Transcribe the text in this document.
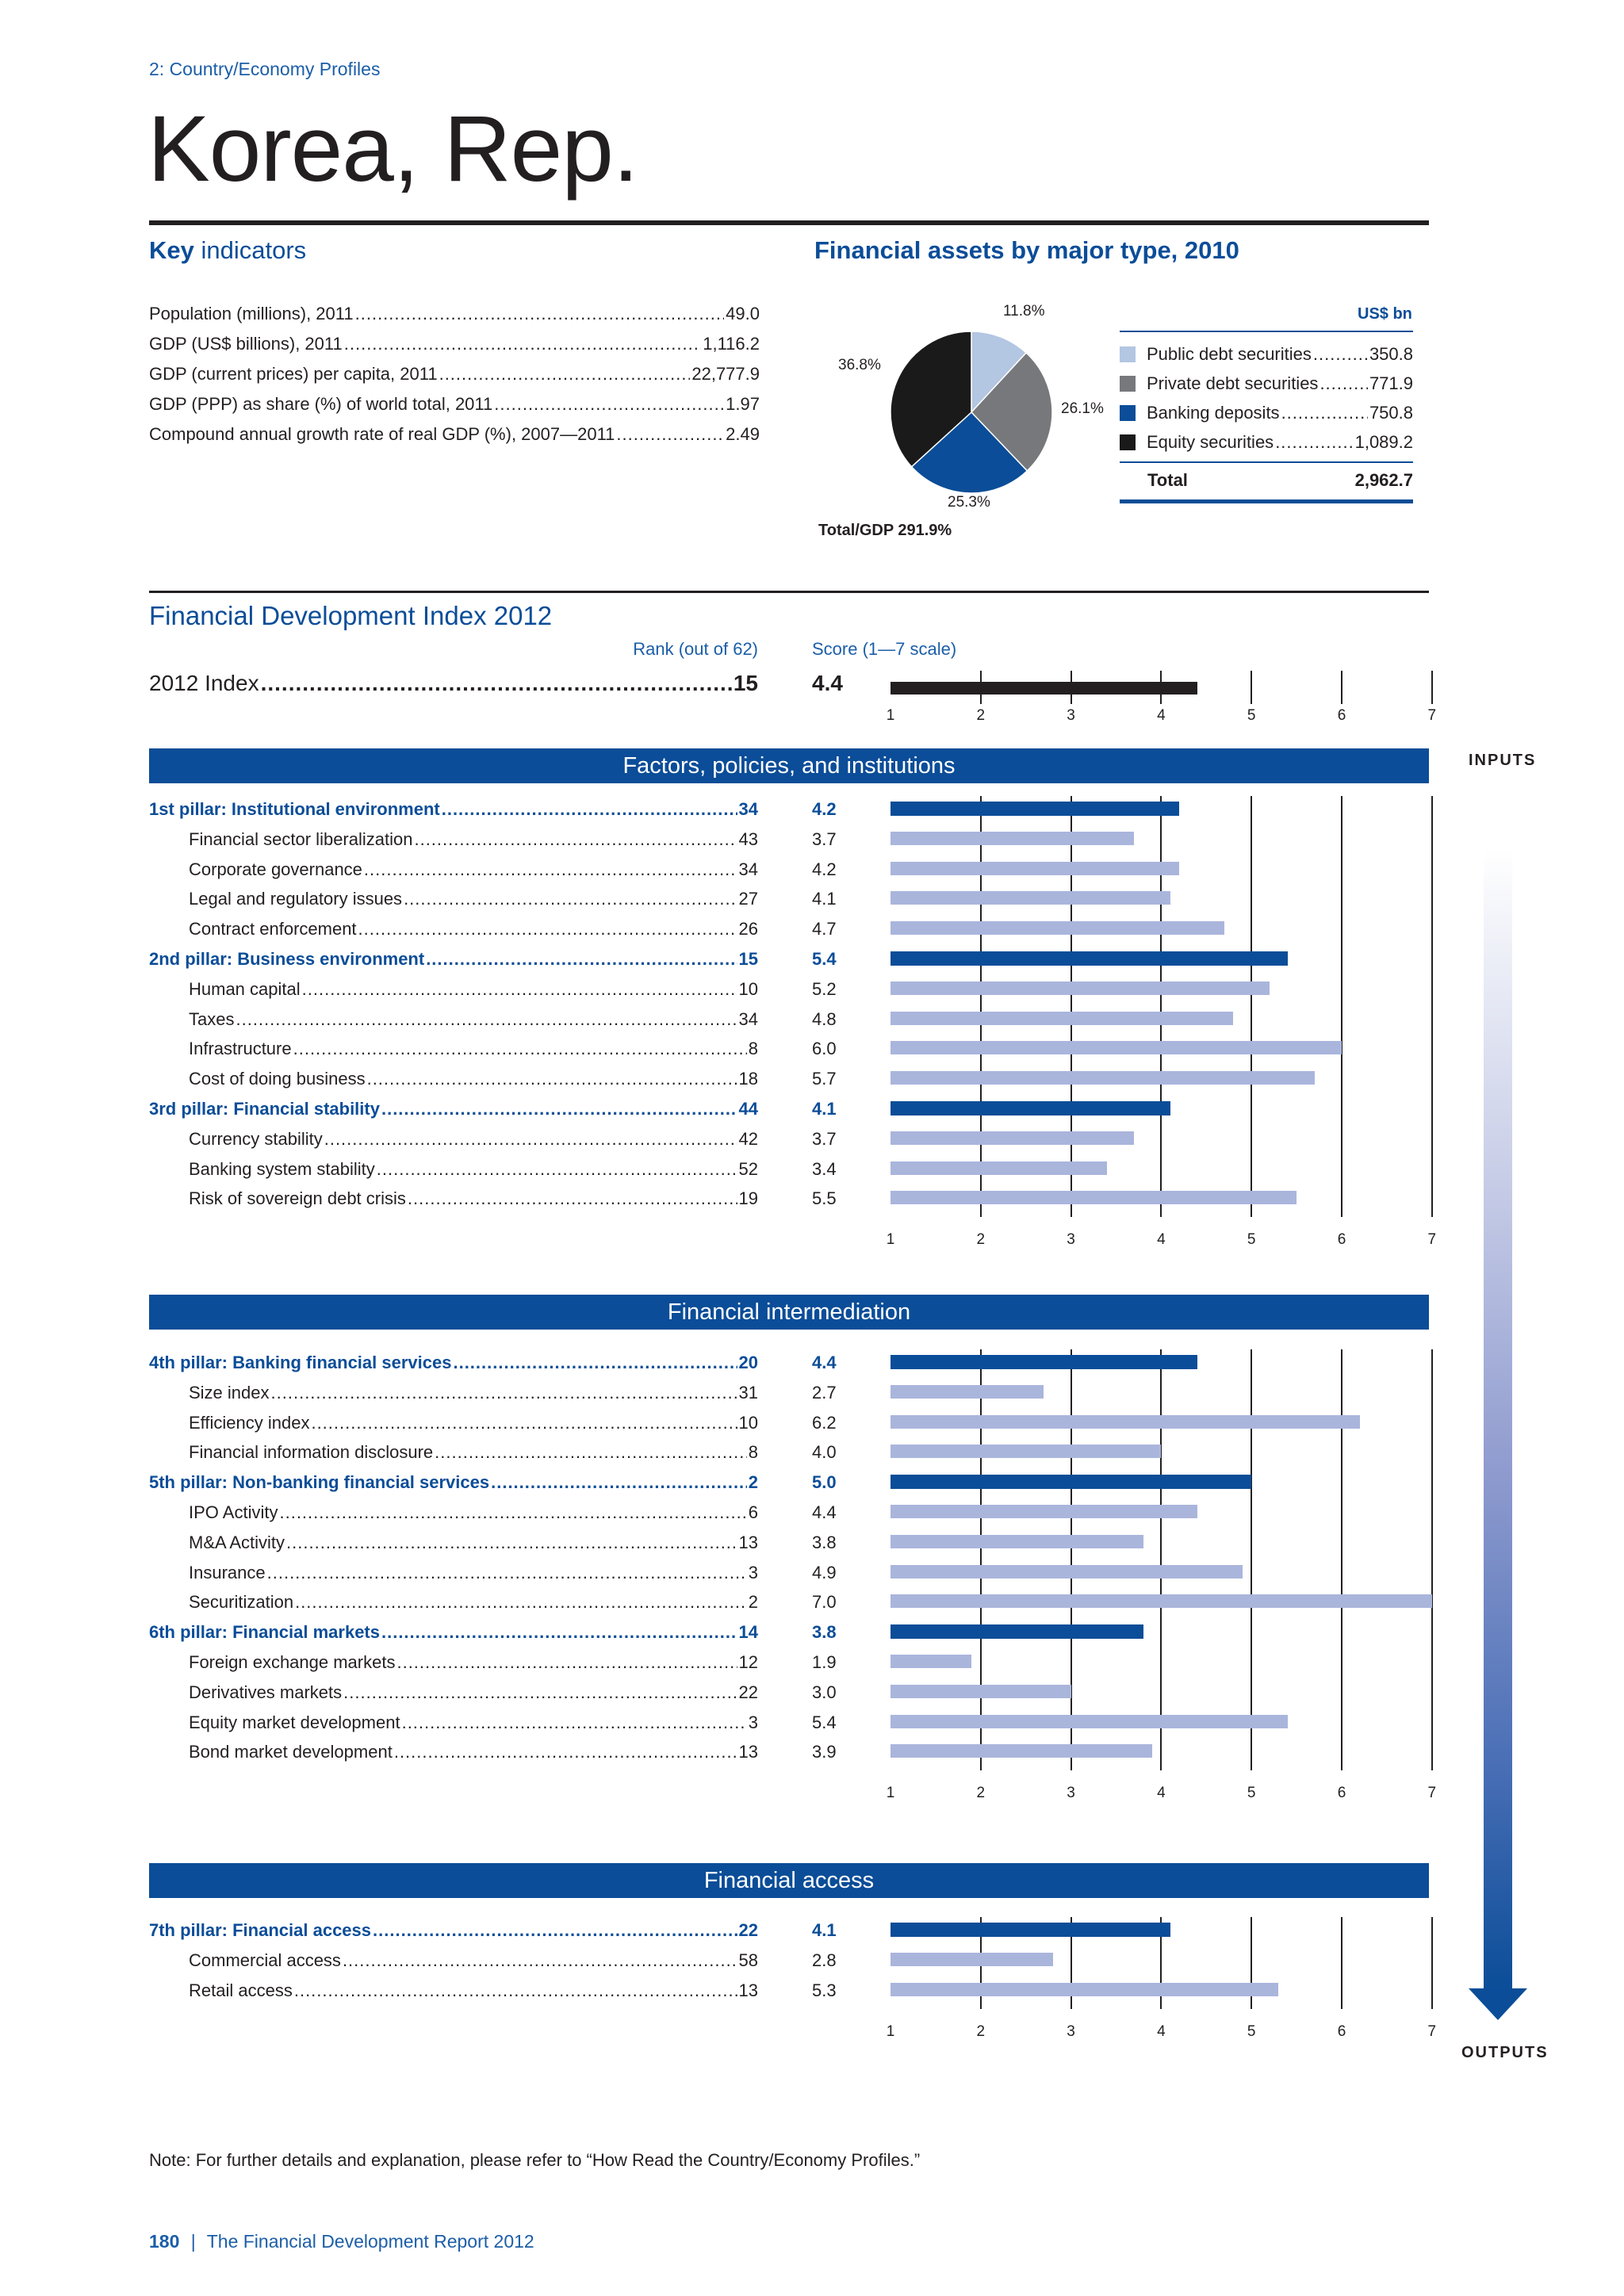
2: Country/Economy Profiles
Korea, Rep.
Key indicators
Population (millions), 2011 .....	49.0
GDP (US$ billions), 2011 .....	1,116.2
GDP (current prices) per capita, 2011 .....	22,777.9
GDP (PPP) as share (%) of world total, 2011 .....	1.97
Compound annual growth rate of real GDP (%), 2007—2011 .....	2.49
Financial assets by major type, 2010
11.8%
26.1%
25.3%
36.8%
Total/GDP 291.9%
US$ bn
Public debt securities .....	350.8
Private debt securities .....	771.9
Banking deposits .....	750.8
Equity securities .....	1,089.2
Total	2,962.7
Financial Development Index 2012
Rank (out of 62)	Score (1—7 scale)
2012 Index .....	15 4.4
1	2	3	4	5	6	7
INPUTS
OUTPUTS
Factors, policies, and institutions
1	2	3	4	5	6	7
1st pillar: Institutional environment .....	34	4.2
Financial sector liberalization .....	43	3.7
Corporate governance .....	34	4.2
Legal and regulatory issues .....	27	4.1
Contract enforcement .....	26	4.7
2nd pillar: Business environment .....	15	5.4
Human capital .....	10	5.2
Taxes .....	34	4.8
Infrastructure .....	8	6.0
Cost of doing business .....	18	5.7
3rd pillar: Financial stability .....	44	4.1
Currency stability .....	42	3.7
Banking system stability .....	52	3.4
Risk of sovereign debt crisis .....	19	5.5
Financial intermediation
1	2	3	4	5	6	7
4th pillar: Banking financial services .....	20	4.4
Size index .....	31	2.7
Efficiency index .....	10	6.2
Financial information disclosure .....	8	4.0
5th pillar: Non-banking financial services .....	2	5.0
IPO Activity .....	6	4.4
M&A Activity .....	13	3.8
Insurance .....	3	4.9
Securitization .....	2	7.0
6th pillar: Financial markets .....	14	3.8
Foreign exchange markets .....	12	1.9
Derivatives markets .....	22	3.0
Equity market development .....	3	5.4
Bond market development .....	13	3.9
Financial access
1	2	3	4	5	6	7
7th pillar: Financial access .....	22	4.1
Commercial access .....	58	2.8
Retail access .....	13	5.3
Note: For further details and explanation, please refer to “How Read the Country/Economy Profiles.”
180 | The Financial Development Report 2012
